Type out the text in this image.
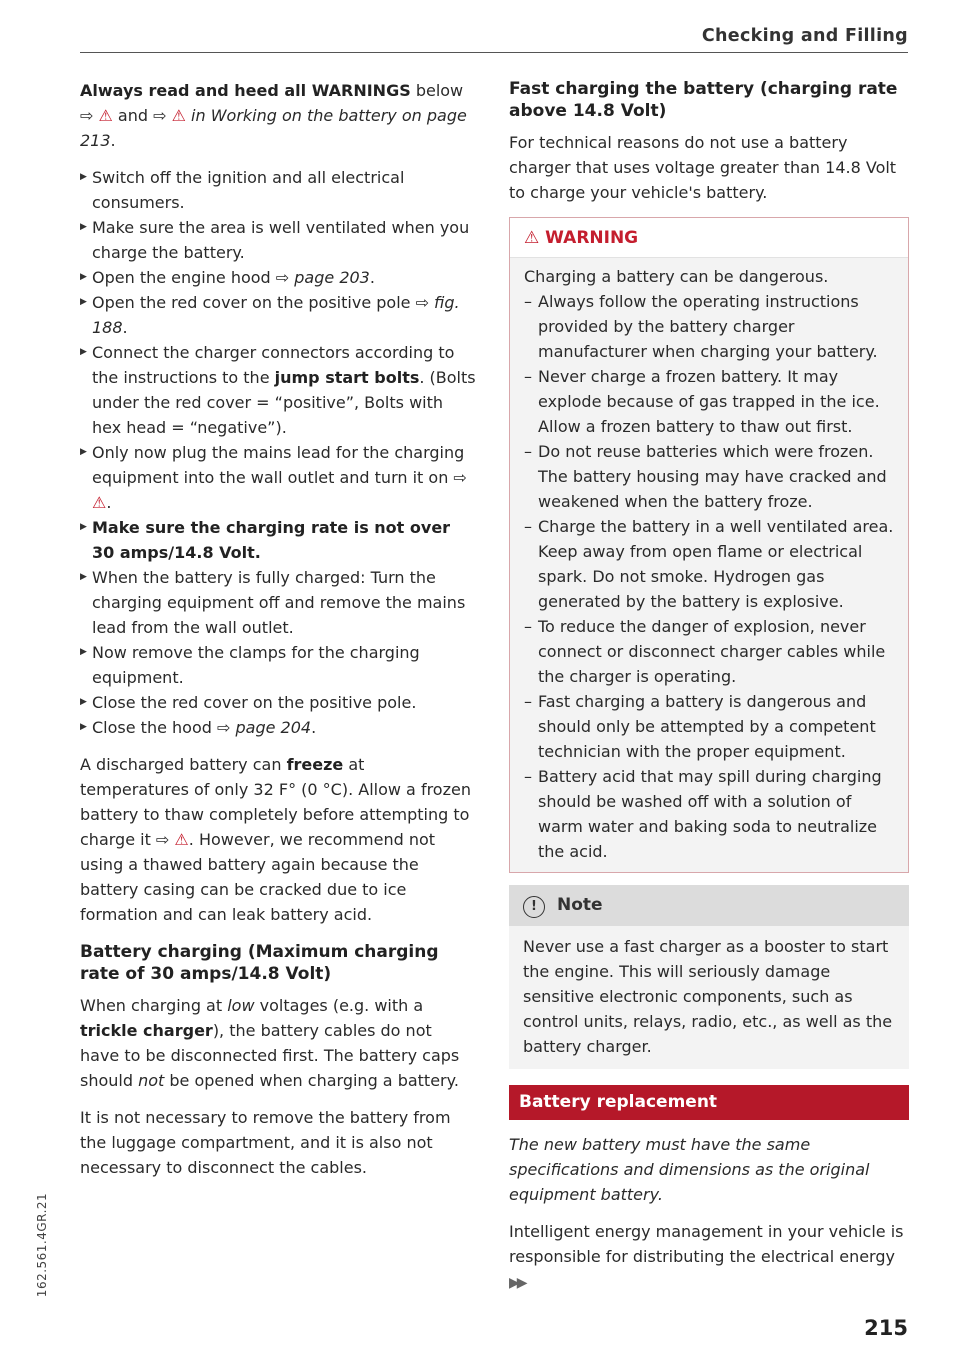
Checking and Filling
162.561.4GR.21

Always read and heed all WARNINGS below
⇨ ⚠ and ⇨ ⚠ in Working on the battery on page 213.

▶ Switch off the ignition and all electrical consumers.
▶ Make sure the area is well ventilated when you charge the battery.
▶ Open the engine hood ⇨ page 203.
▶ Open the red cover on the positive pole ⇨ fig. 188.
▶ Connect the charger connectors according to the instructions to the jump start bolts. (Bolts under the red cover = “positive”, Bolts with hex head = “negative”).
▶ Only now plug the mains lead for the charging equipment into the wall outlet and turn it on ⇨ ⚠.
▶ Make sure the charging rate is not over 30 amps/14.8 Volt.
▶ When the battery is fully charged: Turn the charging equipment off and remove the mains lead from the wall outlet.
▶ Now remove the clamps for the charging equipment.
▶ Close the red cover on the positive pole.
▶ Close the hood ⇨ page 204.

A discharged battery can freeze at temperatures of only 32 F° (0 °C). Allow a frozen battery to thaw completely before attempting to charge it ⇨ ⚠. However, we recommend not using a thawed battery again because the battery casing can be cracked due to ice formation and can leak battery acid.

Battery charging (Maximum charging rate of 30 amps/14.8 Volt)

When charging at low voltages (e.g. with a trickle charger), the battery cables do not have to be disconnected first. The battery caps should not be opened when charging a battery.

It is not necessary to remove the battery from the luggage compartment, and it is also not necessary to disconnect the cables.

Fast charging the battery (charging rate above 14.8 Volt)

For technical reasons do not use a battery charger that uses voltage greater than 14.8 Volt to charge your vehicle's battery.

⚠ WARNING
Charging a battery can be dangerous.
– Always follow the operating instructions provided by the battery charger manufacturer when charging your battery.
– Never charge a frozen battery. It may explode because of gas trapped in the ice. Allow a frozen battery to thaw out first.
– Do not reuse batteries which were frozen. The battery housing may have cracked and weakened when the battery froze.
– Charge the battery in a well ventilated area. Keep away from open flame or electrical spark. Do not smoke. Hydrogen gas generated by the battery is explosive.
– To reduce the danger of explosion, never connect or disconnect charger cables while the charger is operating.
– Fast charging a battery is dangerous and should only be attempted by a competent technician with the proper equipment.
– Battery acid that may spill during charging should be washed off with a solution of warm water and baking soda to neutralize the acid.
! Note
Never use a fast charger as a booster to start the engine. This will seriously damage sensitive electronic components, such as control units, relays, radio, etc., as well as the battery charger.
Battery replacement

The new battery must have the same specifications and dimensions as the original equipment battery.

Intelligent energy management in your vehicle is responsible for distributing the electrical energy ▶▶

215
